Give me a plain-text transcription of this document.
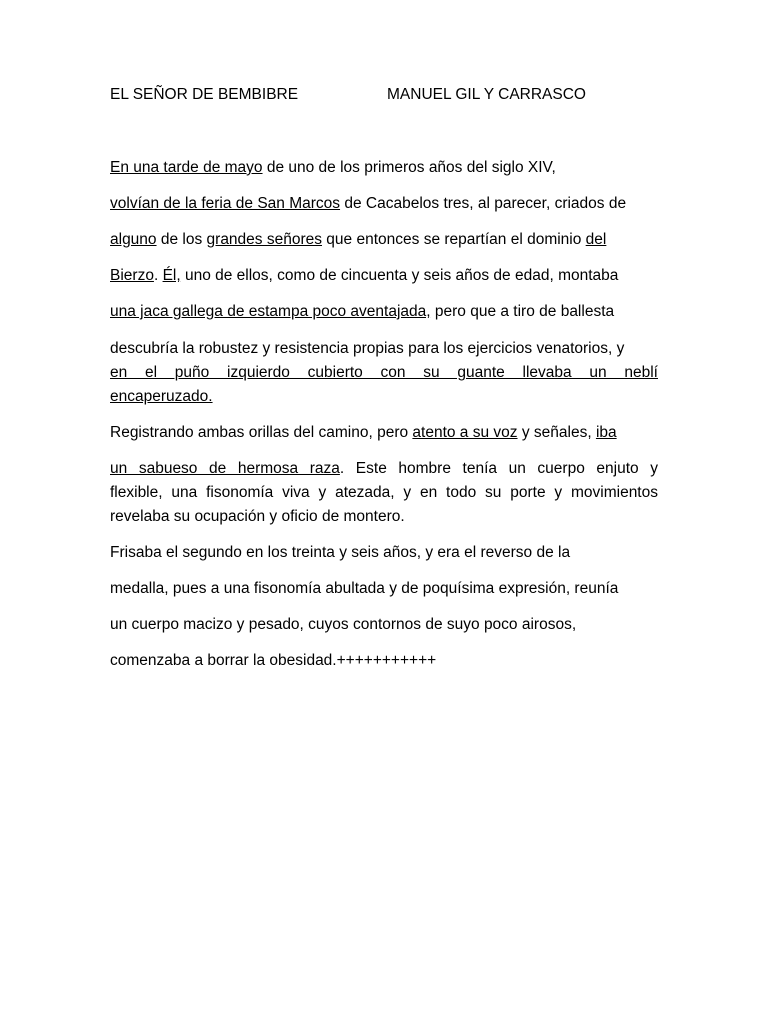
EL SEÑOR DE BEMBIBRE	MANUEL GIL Y CARRASCO
En una tarde de mayo de uno de los primeros años del siglo XIV,
volvían de la feria de San Marcos de Cacabelos tres, al parecer, criados de
alguno de los grandes señores que entonces se repartían el dominio del
Bierzo. Él, uno de ellos, como de cincuenta y seis años de edad, montaba
una jaca gallega de estampa poco aventajada, pero que a tiro de ballesta
descubría la robustez y resistencia propias para los ejercicios venatorios, y
en el puño izquierdo cubierto con su guante llevaba un neblí
encaperuzado.
Registrando ambas orillas del camino, pero atento a su voz y señales, iba
un sabueso de hermosa raza. Este hombre tenía un cuerpo enjuto y
flexible, una fisonomía viva y atezada, y en todo su porte y movimientos
revelaba su ocupación y oficio de montero.
Frisaba el segundo en los treinta y seis años, y era el reverso de la
medalla, pues a una fisonomía abultada y de poquísima expresión, reunía
un cuerpo macizo y pesado, cuyos contornos de suyo poco airosos,
comenzaba a borrar la obesidad.+++++++++++
